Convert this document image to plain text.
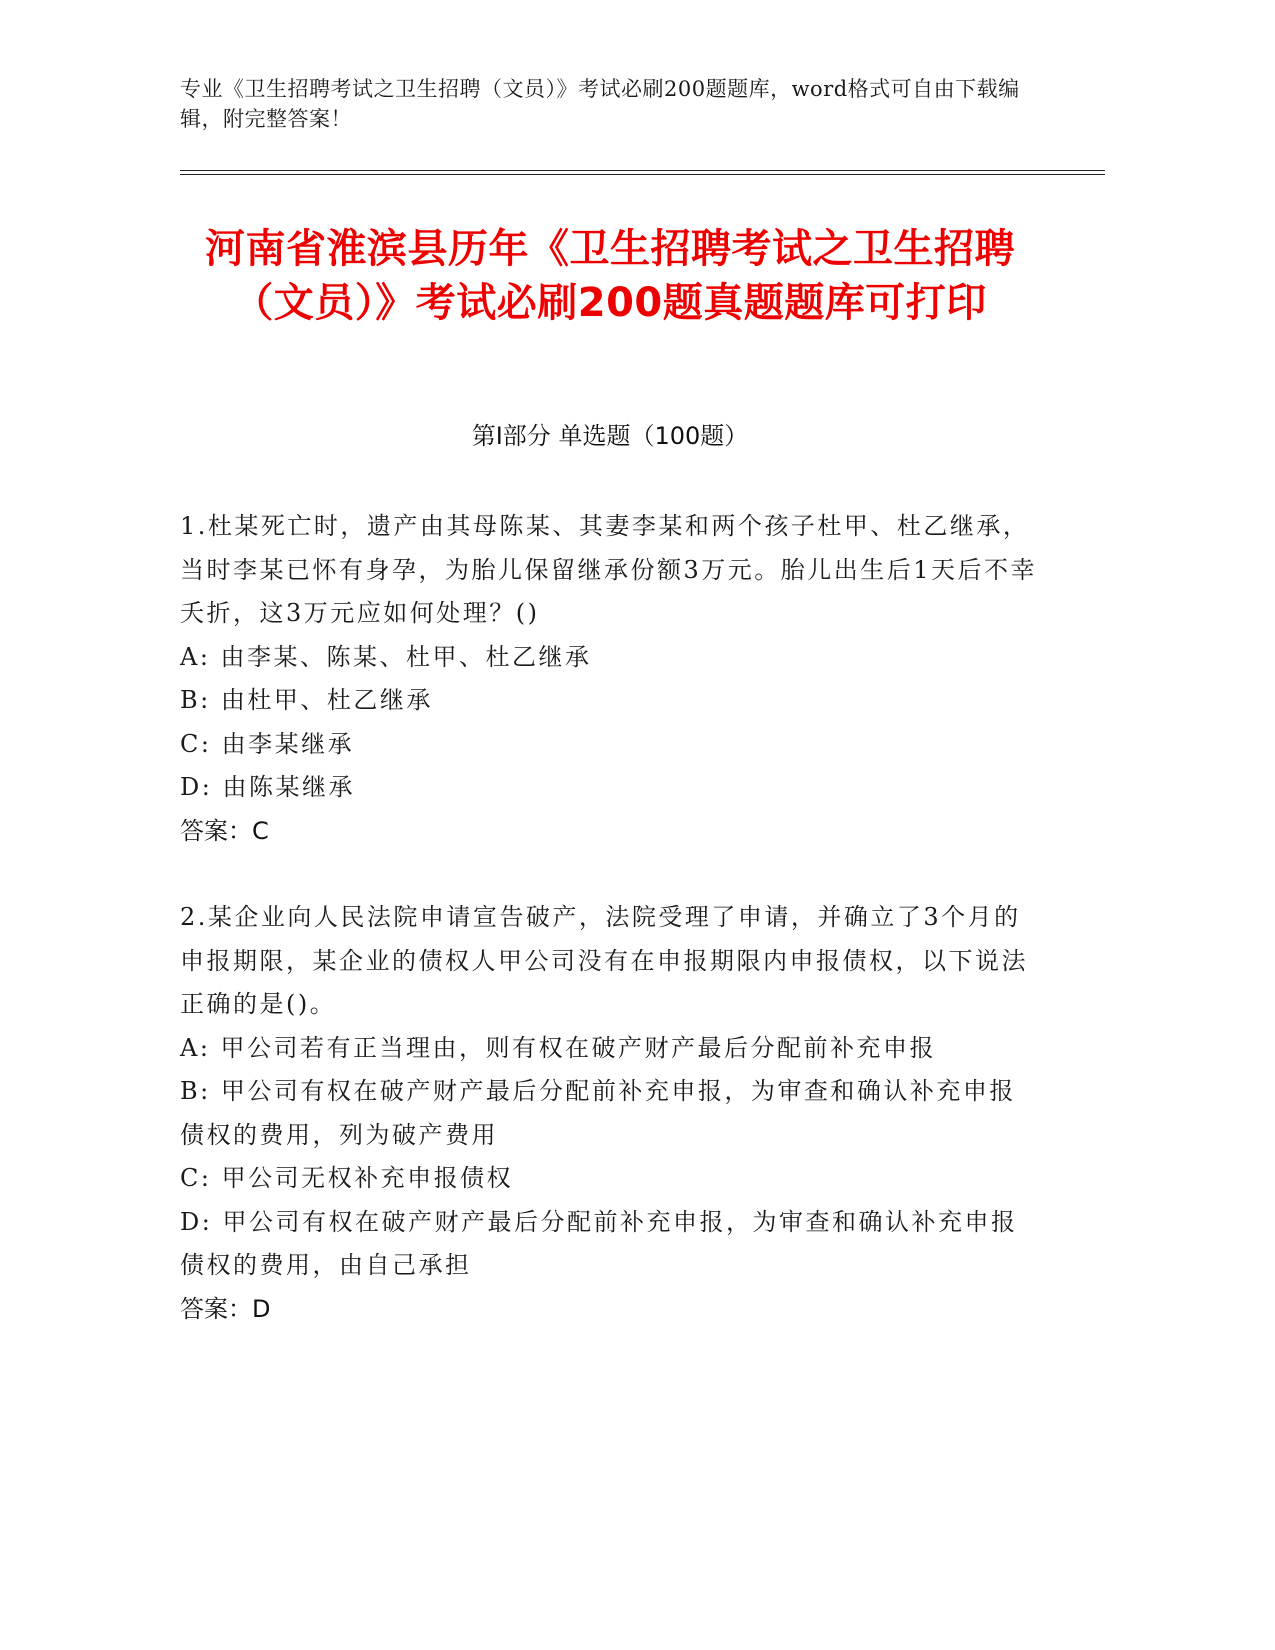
专业《卫生招聘考试之卫生招聘（文员）》考试必刷200题题库，word格式可自由下载编辑，附完整答案！
河南省淮滨县历年《卫生招聘考试之卫生招聘（文员）》考试必刷200题真题题库可打印
第Ⅰ部分 单选题（100题）
1.杜某死亡时，遗产由其母陈某、其妻李某和两个孩子杜甲、杜乙继承，当时李某已怀有身孕，为胎儿保留继承份额3万元。胎儿出生后1天后不幸夭折，这3万元应如何处理？()
A: 由李某、陈某、杜甲、杜乙继承
B: 由杜甲、杜乙继承
C: 由李某继承
D: 由陈某继承
答案：C
2.某企业向人民法院申请宣告破产，法院受理了申请，并确立了3个月的申报期限，某企业的债权人甲公司没有在申报期限内申报债权，以下说法正确的是()。
A: 甲公司若有正当理由，则有权在破产财产最后分配前补充申报
B: 甲公司有权在破产财产最后分配前补充申报，为审查和确认补充申报债权的费用，列为破产费用
C: 甲公司无权补充申报债权
D: 甲公司有权在破产财产最后分配前补充申报，为审查和确认补充申报债权的费用，由自己承担
答案：D
